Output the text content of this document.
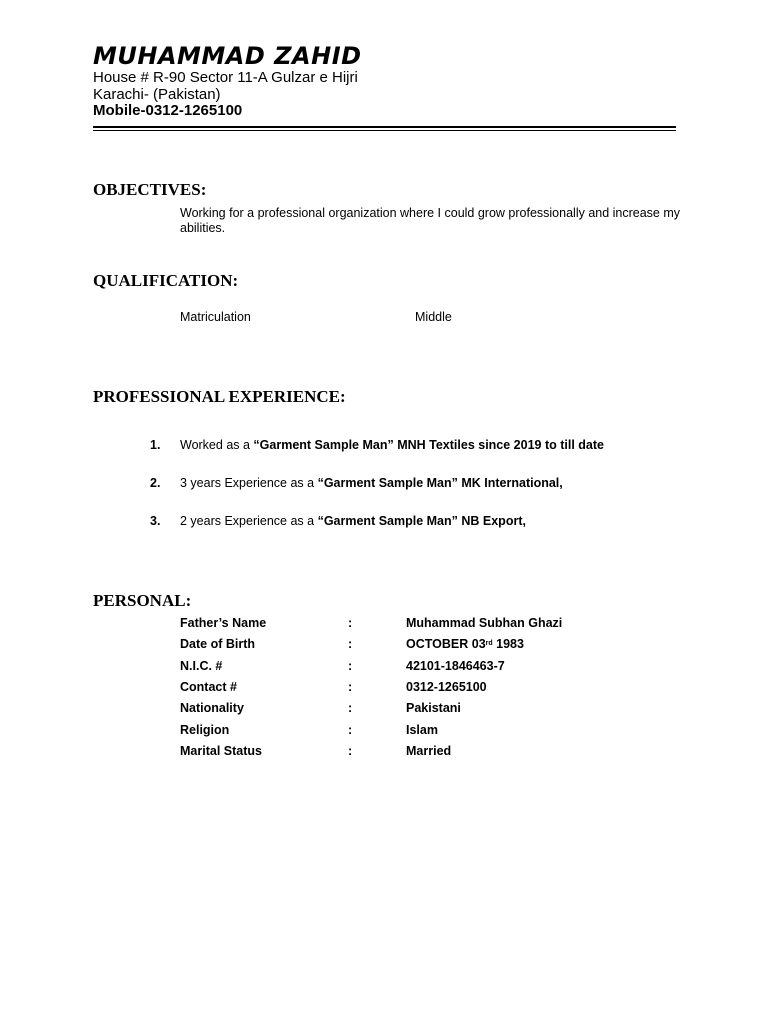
MUHAMMAD ZAHID
House # R-90 Sector 11-A Gulzar e Hijri
Karachi- (Pakistan)
Mobile-0312-1265100
OBJECTIVES:
Working for a professional organization where I could grow professionally and increase my abilities.
QUALIFICATION:
Matriculation	Middle
PROFESSIONAL EXPERIENCE:
1. Worked as a “Garment Sample Man” MNH Textiles since 2019 to till date
2. 3 years Experience as a “Garment Sample Man” MK International,
3. 2 years Experience as a “Garment Sample Man” NB Export,
PERSONAL:
Father’s Name	:	Muhammad Subhan Ghazi
Date of Birth	:	OCTOBER 03rd 1983
N.I.C. #	:	42101-1846463-7
Contact #	:	0312-1265100
Nationality	:	Pakistani
Religion	:	Islam
Marital Status	:	Married
